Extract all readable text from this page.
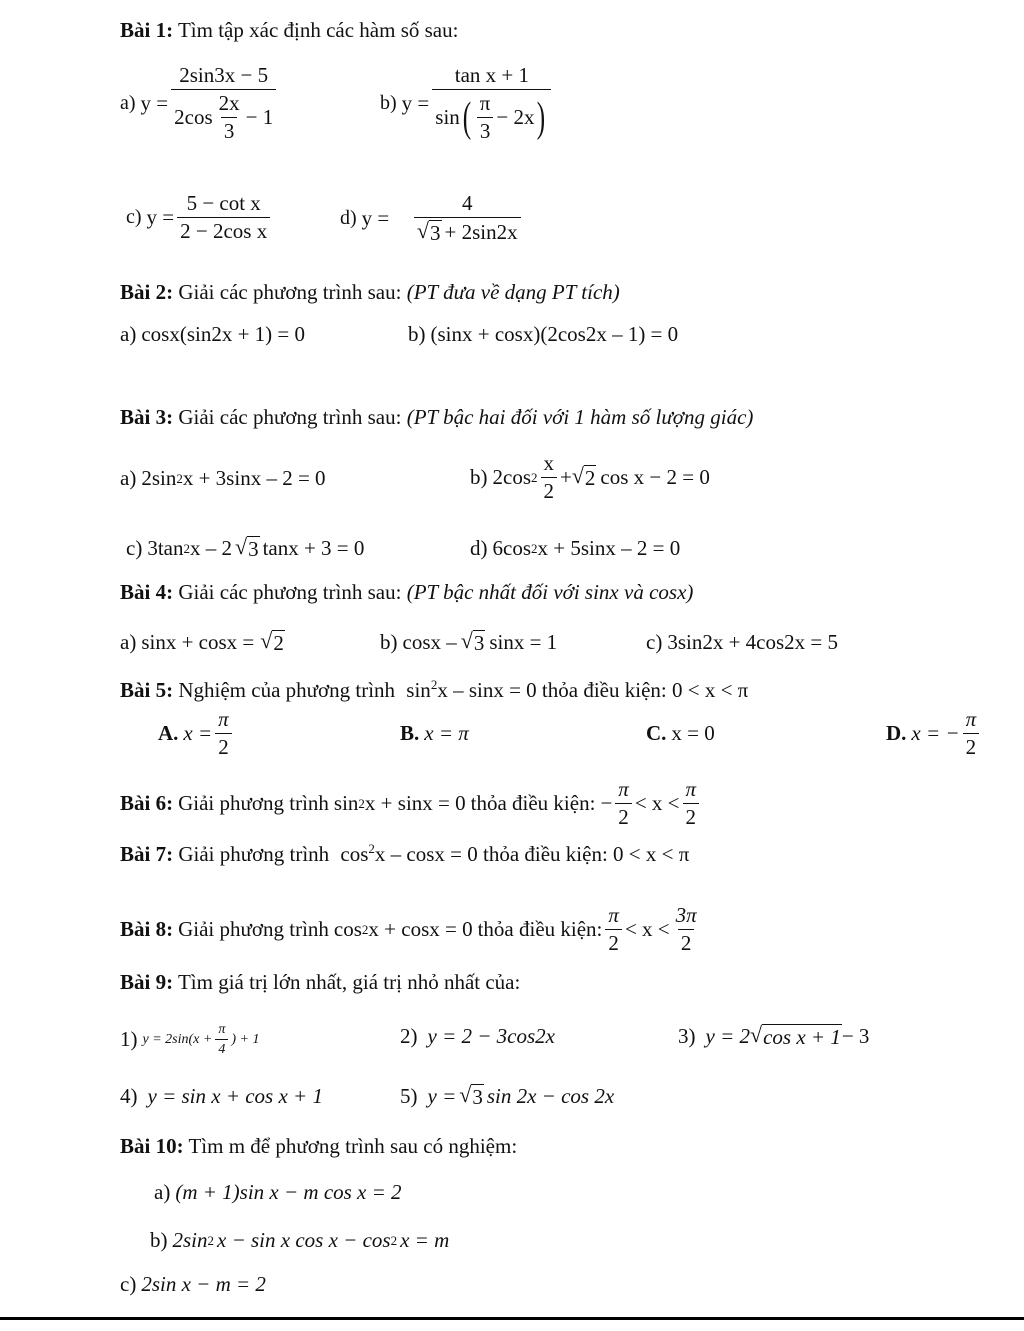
Bài 1: Tìm tập xác định các hàm số sau:
a) $y = \frac{2\sin 3x - 5}{2\cos \frac{2x}{3} - 1}$	b) $y = \frac{\text{tan x + 1}}{\sin ( \frac{\pi}{3} - 2x )}$
c) $y = \frac{\text{5 − cot x}}{\text{2 − 2cos x}}$	d) $y = \frac{4}{√ 3 + 2\sin 2x}$
Bài 2: Giải các phương trình sau: (PT đưa về dạng PT tích)
a) cosx(sin2x + 1) = 0	b) (sinx + cosx)(2cos2x – 1) = 0
Bài 3: Giải các phương trình sau: (PT bậc hai đối với 1 hàm số lượng giác)
a) 2sin 2 x + 3sinx – 2 = 0	b) 2cos $2 \frac{x}{2}$ + √ 2 cos x − 2 = 0
c) 3tan 2 x – 2 √ 3 tanx + 3 = 0	d) 6cos 2 x + 5sinx – 2 = 0
Bài 4: Giải các phương trình sau: (PT bậc nhất đối với sinx và cosx)
a) sinx + cosx = √ 2	b) cosx – √ 3 sinx = 1	c) 3sin2x + 4cos2x = 5
Bài 5: Nghiệm của phương trình $\sin^2x - \sin x = 0$ thỏa điều kiện: 0 < x < π
A. $x = \frac{\pi}{2}$	B. x = π	C. x = 0	D. x = − $\frac{\pi}{2}$
Bài 6: Giải phương trình sin 2 x + sinx = 0 thỏa điều kiện: − $\frac{\pi}{2} < x < \frac{\pi}{2}$
Bài 7: Giải phương trình $\cos^2x - \cos x = 0$ thỏa điều kiện: 0 < x < π
Bài 8: Giải phương trình cos 2 x + cosx = 0 thỏa điều kiện: $\frac{\pi}{2} < x < \frac{3\pi}{2}$
Bài 9: Tìm giá trị lớn nhất, giá trị nhỏ nhất của:
1) $y = 2\sin(x + \frac{\pi}{4}$ ) + 1	2) y = 2 − 3cos2x	3) y = 2 √ cos x + 1 − 3
4) y = sin x + cos x + 1	5) y = √ 3 sin 2x − cos 2x
Bài 10: Tìm m để phương trình sau có nghiệm:
a) (m + 1)sin x − m cos x = 2
b) 2sin 2 x − sin x cos x − cos 2 x = m
c) 2sin x − m = 2
